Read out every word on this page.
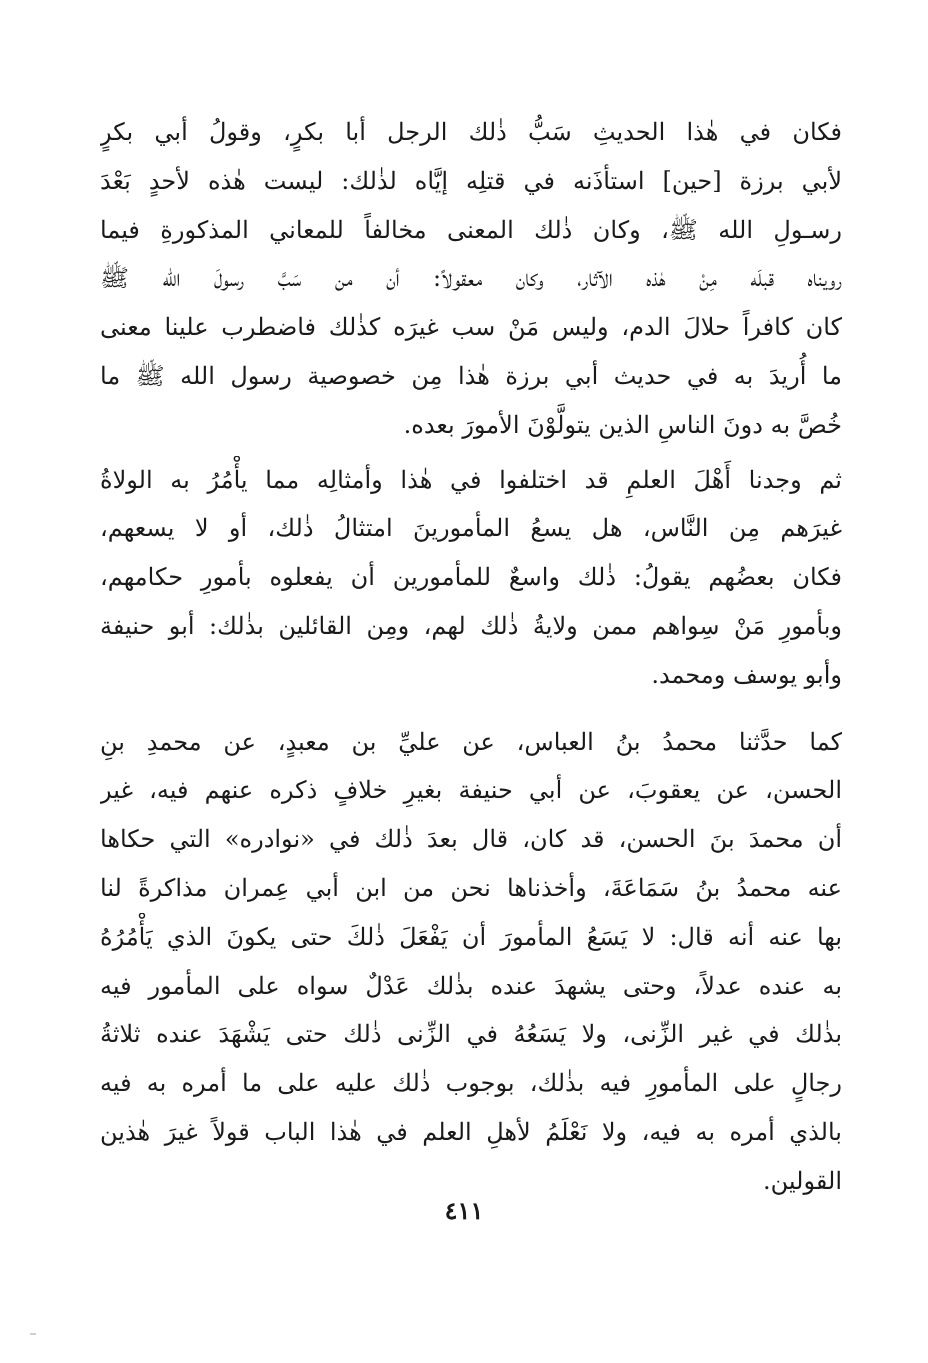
فكان في هٰذا الحديثِ سَبُّ ذٰلك الرجل أبا بكرٍ، وقولُ أبي بكرٍ
لأبي برزة [حين] استأذَنه في قتلِه إيَّاه لذٰلك: ليست هٰذه لأحدٍ بَعْدَ
رسـولِ الله ﷺ، وكان ذٰلك المعنى مخالفاً للمعاني المذكورةِ فيما
رويناه قبلَه مِنْ هٰذه الآثار، وكان معقولاً: أن من سَبَّ رسولَ الله ﷺ
كان كافراً حلالَ الدم، وليس مَنْ سب غيرَه كذٰلك فاضطرب علينا معنى
ما أُريدَ به في حديث أبي برزة هٰذا مِن خصوصية رسول الله ﷺ ما
خُصَّ به دونَ الناسِ الذين يتولَّوْنَ الأمورَ بعده.
ثم وجدنا أَهْلَ العلمِ قد اختلفوا في هٰذا وأمثالِه مما يأْمُرُ به الولاةُ
غيرَهم مِن النَّاس، هل يسعُ المأمورينَ امتثالُ ذٰلك، أو لا يسعهم،
فكان بعضُهم يقولُ: ذٰلك واسعٌ للمأمورين أن يفعلوه بأمورِ حكامهم،
وبأمورِ مَنْ سِواهم ممن ولايةُ ذٰلك لهم، ومِن القائلين بذٰلك: أبو حنيفة
وأبو يوسف ومحمد.
كما حدَّثنا محمدُ بنُ العباس، عن عليِّ بن معبدٍ، عن محمدِ بنِ
الحسن، عن يعقوبَ، عن أبي حنيفة بغيرِ خلافٍ ذكره عنهم فيه، غير
أن محمدَ بنَ الحسن، قد كان، قال بعدَ ذٰلك في «نوادره» التي حكاها
عنه محمدُ بنُ سَمَاعَةَ، وأخذناها نحن من ابن أبي عِمران مذاكرةً لنا
بها عنه أنه قال: لا يَسَعُ المأمورَ أن يَفْعَلَ ذٰلكَ حتى يكونَ الذي يَأْمُرُهُ
به عنده عدلاً، وحتى يشهدَ عنده بذٰلك عَدْلٌ سواه على المأمور فيه
بذٰلك في غير الزِّنى، ولا يَسَعُهُ في الزِّنى ذٰلك حتى يَشْهَدَ عنده ثلاثةُ
رجالٍ على المأمورِ فيه بذٰلك، بوجوب ذٰلك عليه على ما أمره به فيه
بالذي أمره به فيه، ولا نَعْلَمُ لأهلِ العلم في هٰذا الباب قولاً غيرَ هٰذين
القولين.
٤١١
